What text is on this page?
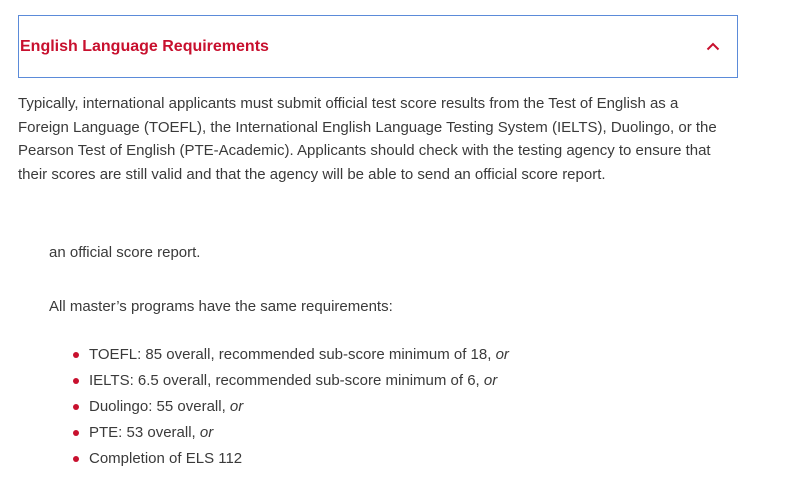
English Language Requirements
Typically, international applicants must submit official test score results from the Test of English as a Foreign Language (TOEFL), the International English Language Testing System (IELTS), Duolingo, or the Pearson Test of English (PTE-Academic). Applicants should check with the testing agency to ensure that their scores are still valid and that the agency will be able to send an official score report.
an official score report.
All master’s programs have the same requirements:
TOEFL: 85 overall, recommended sub-score minimum of 18, or
IELTS: 6.5 overall, recommended sub-score minimum of 6, or
Duolingo: 55 overall, or
PTE: 53 overall, or
Completion of ELS 112
